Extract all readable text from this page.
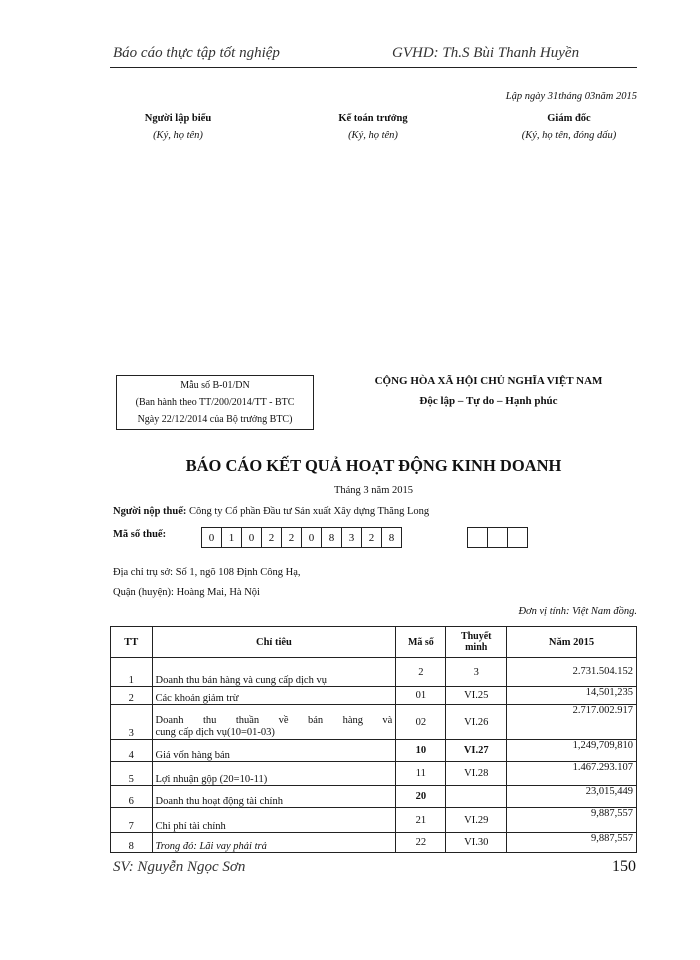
Báo cáo thực tập tốt nghiệp	GVHD: Th.S Bùi Thanh Huyền
Lập ngày 31tháng 03năm 2015
Người lập biểu
(Ký, họ tên)
Kế toán trưởng
(Ký, họ tên)
Giám đốc
(Ký, họ tên, đóng dấu)
Mẫu số B-01/DN
(Ban hành theo TT/200/2014/TT - BTC
Ngày 22/12/2014 của Bộ trưởng BTC)
CỘNG HÒA XÃ HỘI CHỦ NGHĨA VIỆT NAM
Độc lập – Tự do – Hạnh phúc
BÁO CÁO KẾT QUẢ HOẠT ĐỘNG KINH DOANH
Tháng 3 năm 2015
Người nộp thuế: Công ty Cổ phần Đầu tư Sản xuất Xây dựng Thăng Long
Mã số thuế:	0 1 0 2 2 0 8 3 2 8
Địa chỉ trụ sở: Số 1, ngõ 108 Định Công Hạ,
Quận (huyện): Hoàng Mai, Hà Nội
Đơn vị tính: Việt Nam đồng.
TT	Chỉ tiêu	Mã số	Thuyết minh	Năm 2015
1	Doanh thu bán hàng và cung cấp dịch vụ	2	3	2.731.504.152
2	Các khoản giảm trừ	01	VI.25	14,501,235
3	Doanh thu thuần về bán hàng và
cung cấp dịch vụ(10=01-03)	02	VI.26	2.717.002.917
4	Giá vốn hàng bán	10	VI.27	1,249,709,810
5	Lợi nhuận gộp (20=10-11)	11	VI.28	1.467.293.107
6	Doanh thu hoạt động tài chính	20		23,015,449
7	Chi phí tài chính	21	VI.29	9,887,557
8	Trong đó: Lãi vay phải trả	22	VI.30	9,887,557
SV: Nguyễn Ngọc Sơn	150
